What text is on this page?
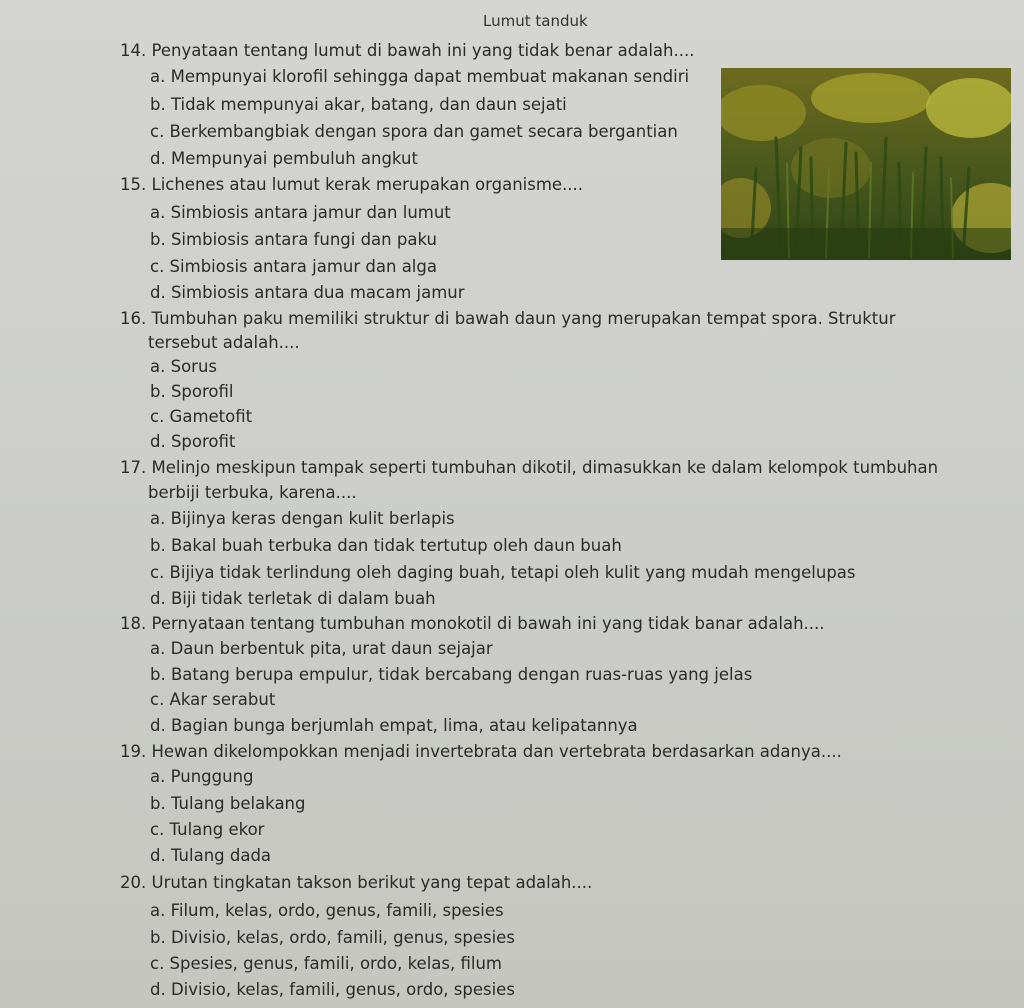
Lumut tanduk
14. Penyataan tentang lumut di bawah ini yang tidak benar adalah....
a. Mempunyai klorofil sehingga dapat membuat makanan sendiri
b. Tidak mempunyai akar, batang, dan daun sejati
c. Berkembangbiak dengan spora dan gamet secara bergantian
d. Mempunyai pembuluh angkut
15. Lichenes atau lumut kerak merupakan organisme....
a. Simbiosis antara jamur dan lumut
b. Simbiosis antara fungi dan paku
c. Simbiosis antara jamur dan alga
d. Simbiosis antara dua macam jamur
16. Tumbuhan paku memiliki struktur di bawah daun yang merupakan tempat spora. Struktur
tersebut adalah....
a. Sorus
b. Sporofil
c. Gametofit
d. Sporofit
17. Melinjo meskipun tampak seperti tumbuhan dikotil, dimasukkan ke dalam kelompok tumbuhan
berbiji terbuka, karena....
a. Bijinya keras dengan kulit berlapis
b. Bakal buah terbuka dan tidak tertutup oleh daun buah
c. Bijiya tidak terlindung oleh daging buah, tetapi oleh kulit yang mudah mengelupas
d. Biji tidak terletak di dalam buah
18. Pernyataan tentang tumbuhan monokotil di bawah ini yang tidak banar adalah....
a. Daun berbentuk pita, urat daun sejajar
b. Batang berupa empulur, tidak bercabang dengan ruas-ruas yang jelas
c. Akar serabut
d. Bagian bunga berjumlah empat, lima, atau kelipatannya
19. Hewan dikelompokkan menjadi invertebrata dan vertebrata berdasarkan adanya....
a. Punggung
b. Tulang belakang
c. Tulang ekor
d. Tulang dada
20. Urutan tingkatan takson berikut yang tepat adalah....
a. Filum, kelas, ordo, genus, famili, spesies
b. Divisio, kelas, ordo, famili, genus, spesies
c. Spesies, genus, famili, ordo, kelas, filum
d. Divisio, kelas, famili, genus, ordo, spesies
